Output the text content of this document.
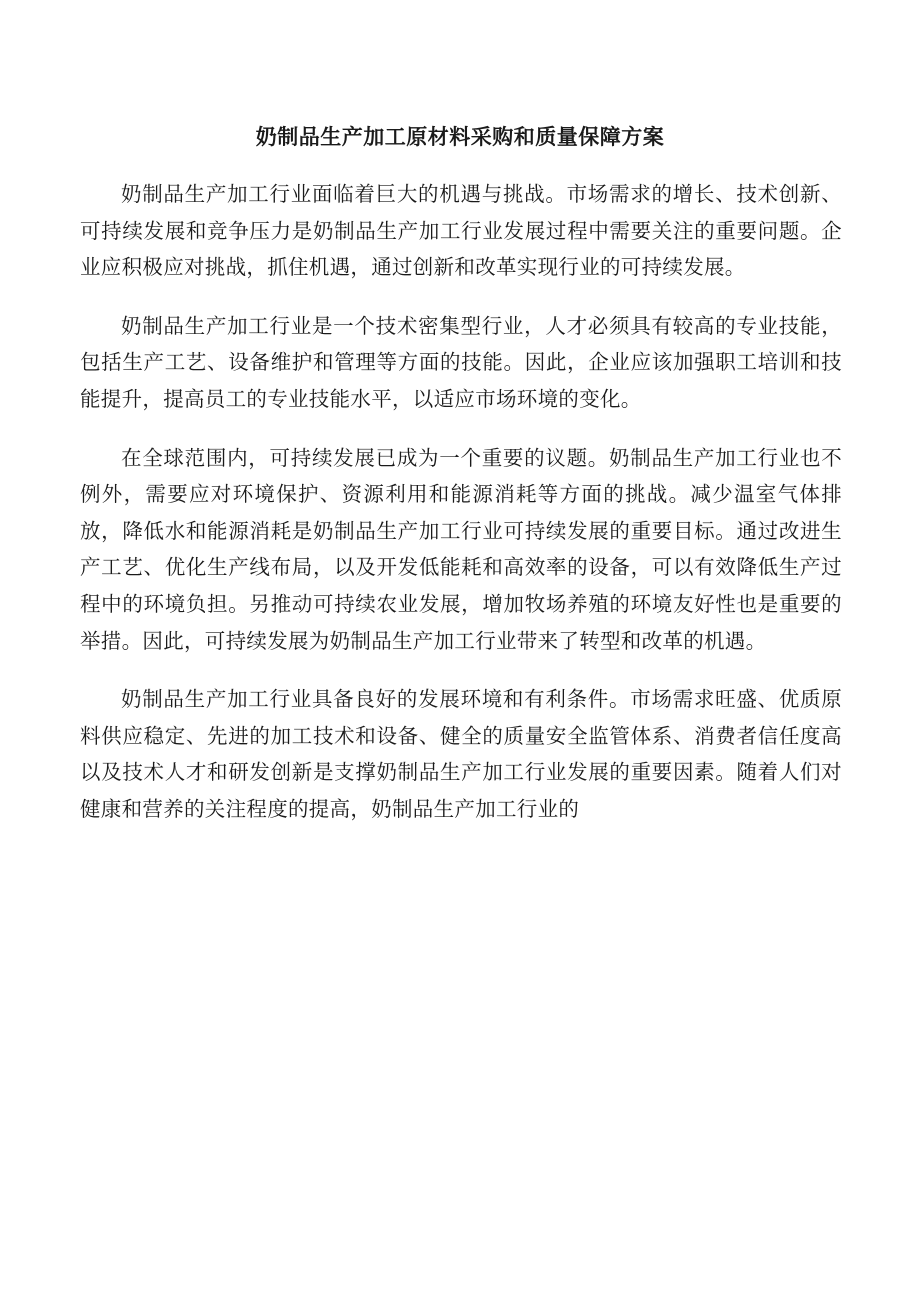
奶制品生产加工原材料采购和质量保障方案

奶制品生产加工行业面临着巨大的机遇与挑战。市场需求的增长、技术创新、可持续发展和竞争压力是奶制品生产加工行业发展过程中需要关注的重要问题。企业应积极应对挑战，抓住机遇，通过创新和改革实现行业的可持续发展。

奶制品生产加工行业是一个技术密集型行业，人才必须具有较高的专业技能，包括生产工艺、设备维护和管理等方面的技能。因此，企业应该加强职工培训和技能提升，提高员工的专业技能水平，以适应市场环境的变化。

在全球范围内，可持续发展已成为一个重要的议题。奶制品生产加工行业也不例外，需要应对环境保护、资源利用和能源消耗等方面的挑战。减少温室气体排放，降低水和能源消耗是奶制品生产加工行业可持续发展的重要目标。通过改进生产工艺、优化生产线布局，以及开发低能耗和高效率的设备，可以有效降低生产过程中的环境负担。另推动可持续农业发展，增加牧场养殖的环境友好性也是重要的举措。因此，可持续发展为奶制品生产加工行业带来了转型和改革的机遇。

奶制品生产加工行业具备良好的发展环境和有利条件。市场需求旺盛、优质原料供应稳定、先进的加工技术和设备、健全的质量安全监管体系、消费者信任度高以及技术人才和研发创新是支撑奶制品生产加工行业发展的重要因素。随着人们对健康和营养的关注程度的提高，奶制品生产加工行业的
